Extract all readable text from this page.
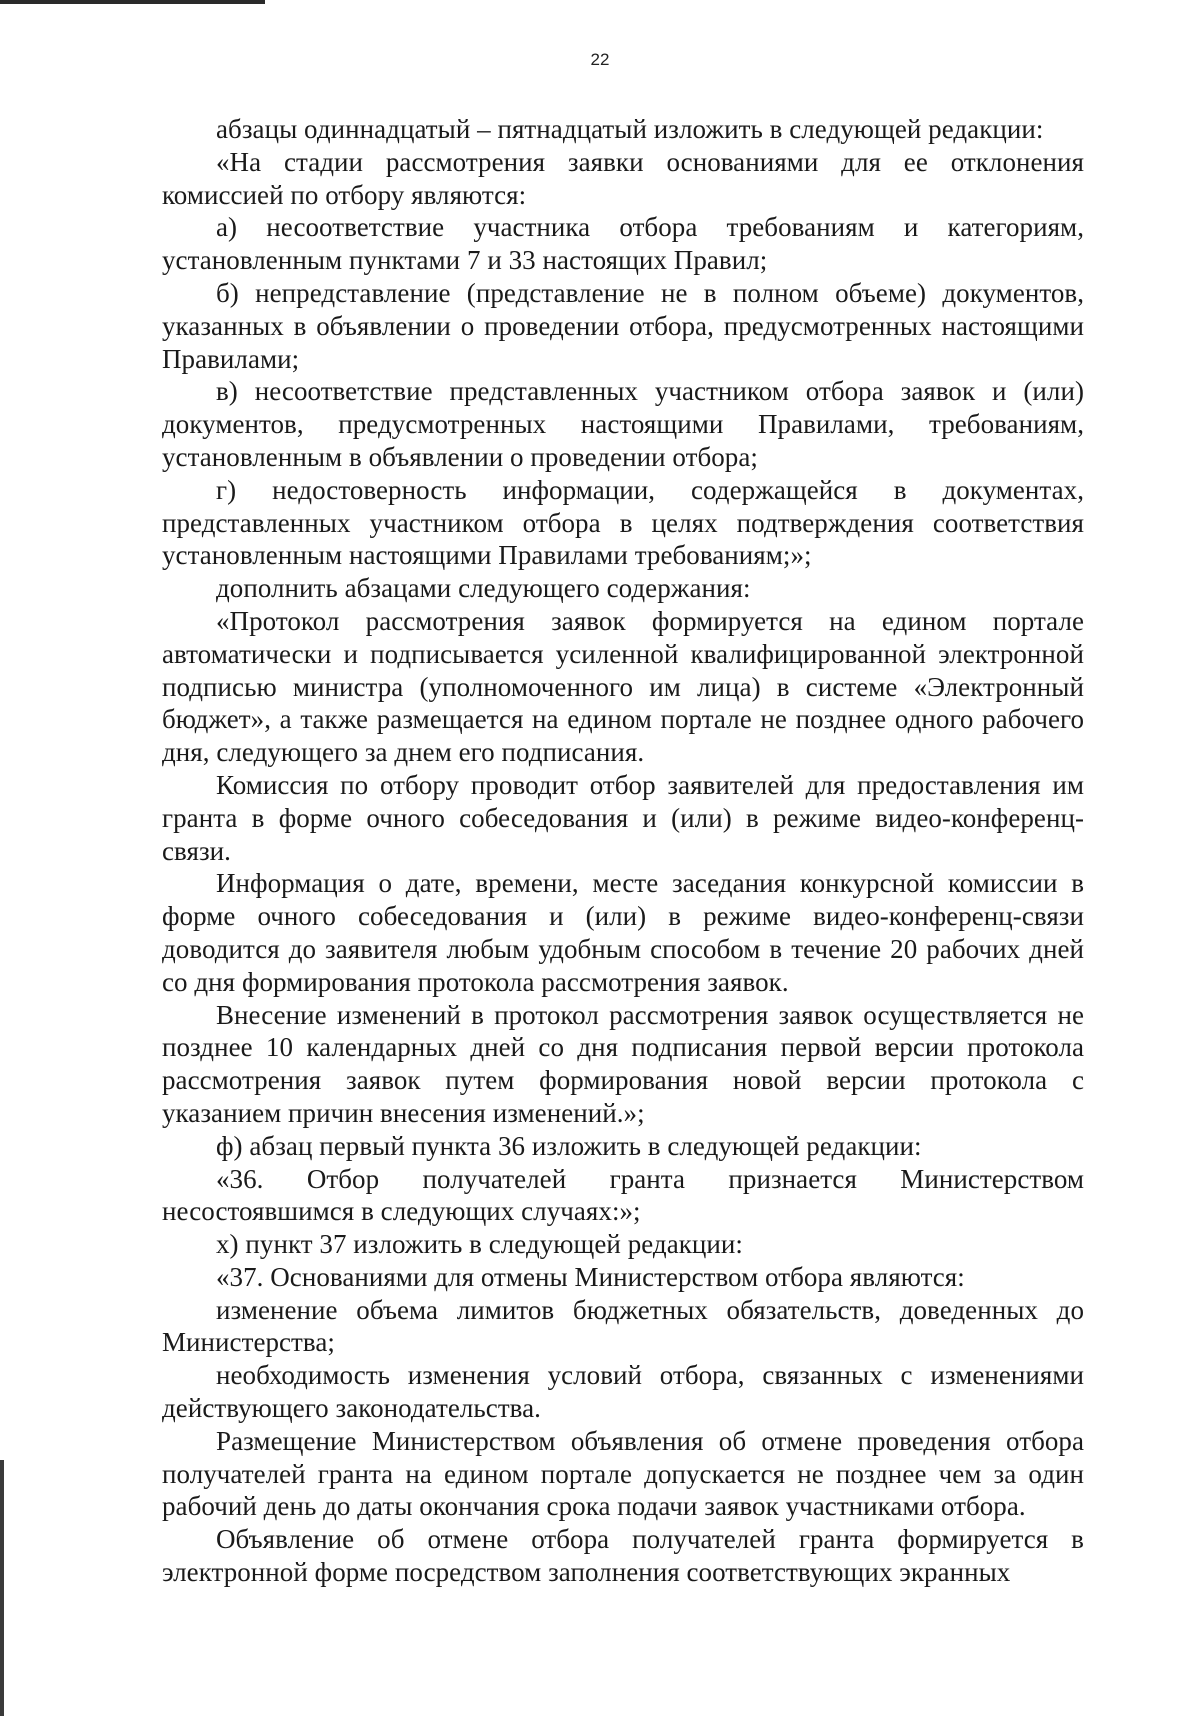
22

абзацы одиннадцатый – пятнадцатый изложить в следующей редакции:

«На стадии рассмотрения заявки основаниями для ее отклонения комиссией по отбору являются:

а) несоответствие участника отбора требованиям и категориям, установленным пунктами 7 и 33 настоящих Правил;

б) непредставление (представление не в полном объеме) документов, указанных в объявлении о проведении отбора, предусмотренных настоящими Правилами;

в) несоответствие представленных участником отбора заявок и (или) документов, предусмотренных настоящими Правилами, требованиям, установленным в объявлении о проведении отбора;

г) недостоверность информации, содержащейся в документах, представленных участником отбора в целях подтверждения соответствия установленным настоящими Правилами требованиям;»;

дополнить абзацами следующего содержания:

«Протокол рассмотрения заявок формируется на едином портале автоматически и подписывается усиленной квалифицированной электронной подписью министра (уполномоченного им лица) в системе «Электронный бюджет», а также размещается на едином портале не позднее одного рабочего дня, следующего за днем его подписания.

Комиссия по отбору проводит отбор заявителей для предоставления им гранта в форме очного собеседования и (или) в режиме видео-конференц-связи.

Информация о дате, времени, месте заседания конкурсной комиссии в форме очного собеседования и (или) в режиме видео-конференц-связи доводится до заявителя любым удобным способом в течение 20 рабочих дней со дня формирования протокола рассмотрения заявок.

Внесение изменений в протокол рассмотрения заявок осуществляется не позднее 10 календарных дней со дня подписания первой версии протокола рассмотрения заявок путем формирования новой версии протокола с указанием причин внесения изменений.»;

ф) абзац первый пункта 36 изложить в следующей редакции:

«36. Отбор получателей гранта признается Министерством несостоявшимся в следующих случаях:»;

х) пункт 37 изложить в следующей редакции:

«37. Основаниями для отмены Министерством отбора являются:

изменение объема лимитов бюджетных обязательств, доведенных до Министерства;

необходимость изменения условий отбора, связанных с изменениями действующего законодательства.

Размещение Министерством объявления об отмене проведения отбора получателей гранта на едином портале допускается не позднее чем за один рабочий день до даты окончания срока подачи заявок участниками отбора.

Объявление об отмене отбора получателей гранта формируется в электронной форме посредством заполнения соответствующих экранных
